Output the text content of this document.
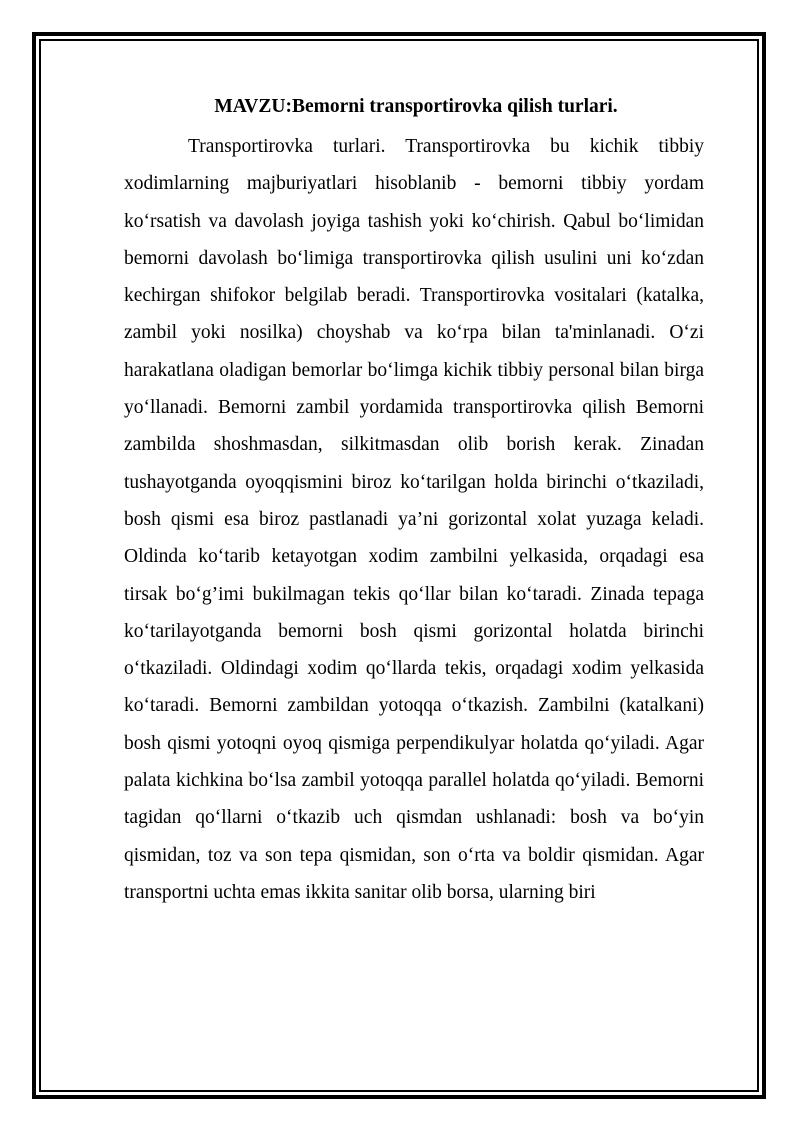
MAVZU:Bemorni transportirovka qilish turlari.

Transportirovka turlari. Transportirovka bu kichik tibbiy xodimlarning majburiyatlari hisoblanib - bemorni tibbiy yordam ko‘rsatish va davolash joyiga tashish yoki ko‘chirish. Qabul bo‘limidan bemorni davolash bo‘limiga transportirovka qilish usulini uni ko‘zdan kechirgan shifokor belgilab beradi. Transportirovka vositalari (katalka, zambil yoki nosilka) choyshab va ko‘rpa bilan ta'minlanadi. O‘zi harakatlana oladigan bemorlar bo‘limga kichik tibbiy personal bilan birga yo‘llanadi. Bemorni zambil yordamida transportirovka qilish Bemorni zambilda shoshmasdan, silkitmasdan olib borish kerak. Zinadan tushayotganda oyoqqismini biroz ko‘tarilgan holda birinchi o‘tkaziladi, bosh qismi esa biroz pastlanadi ya’ni gorizontal xolat yuzaga keladi. Oldinda ko‘tarib ketayotgan xodim zambilni yelkasida, orqadagi esa tirsak bo‘g’imi bukilmagan tekis qo‘llar bilan ko‘taradi. Zinada tepaga ko‘tarilayotganda bemorni bosh qismi gorizontal holatda birinchi o‘tkaziladi. Oldindagi xodim qo‘llarda tekis, orqadagi xodim yelkasida ko‘taradi. Bemorni zambildan yotoqqa o‘tkazish. Zambilni (katalkani) bosh qismi yotoqni oyoq qismiga perpendikulyar holatda qo‘yiladi. Agar palata kichkina bo‘lsa zambil yotoqqa parallel holatda qo‘yiladi. Bemorni tagidan qo‘llarni o‘tkazib uch qismdan ushlanadi: bosh va bo‘yin qismidan, toz va son tepa qismidan, son o‘rta va boldir qismidan. Agar transportni uchta emas ikkita sanitar olib borsa, ularning biri
